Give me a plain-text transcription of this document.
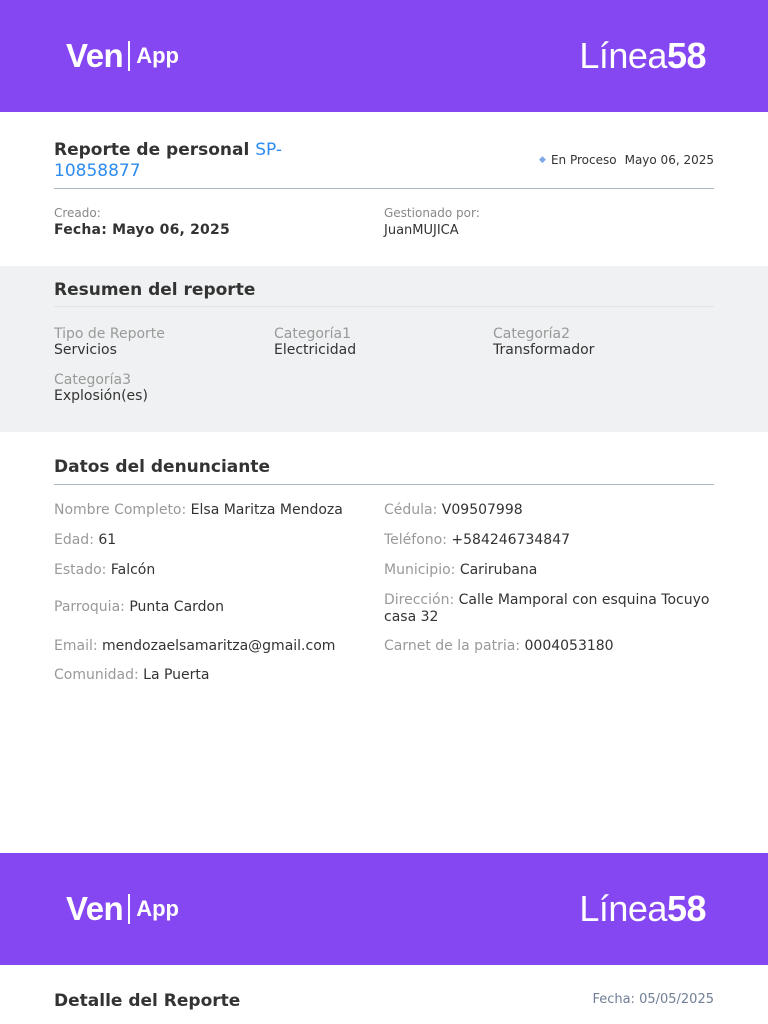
Ven App	Línea58
Reporte de personal SP-10858877
◆ En Proceso Mayo 06, 2025
Creado:
Fecha: Mayo 06, 2025
Gestionado por:
JuanMUJICA
Resumen del reporte
Tipo de Reporte
Servicios
Categoría1
Electricidad
Categoría2
Transformador
Categoría3
Explosión(es)
Datos del denunciante
Nombre Completo: Elsa Maritza Mendoza	Cédula: V09507998
Edad: 61	Teléfono: +584246734847
Estado: Falcón	Municipio: Carirubana
Parroquia: Punta Cardon	Dirección: Calle Mamporal con esquina Tocuyo casa 32
Email: mendozaelsamaritza@gmail.com	Carnet de la patria: 0004053180
Comunidad: La Puerta
Ven App	Línea58
Detalle del Reporte	Fecha: 05/05/2025
